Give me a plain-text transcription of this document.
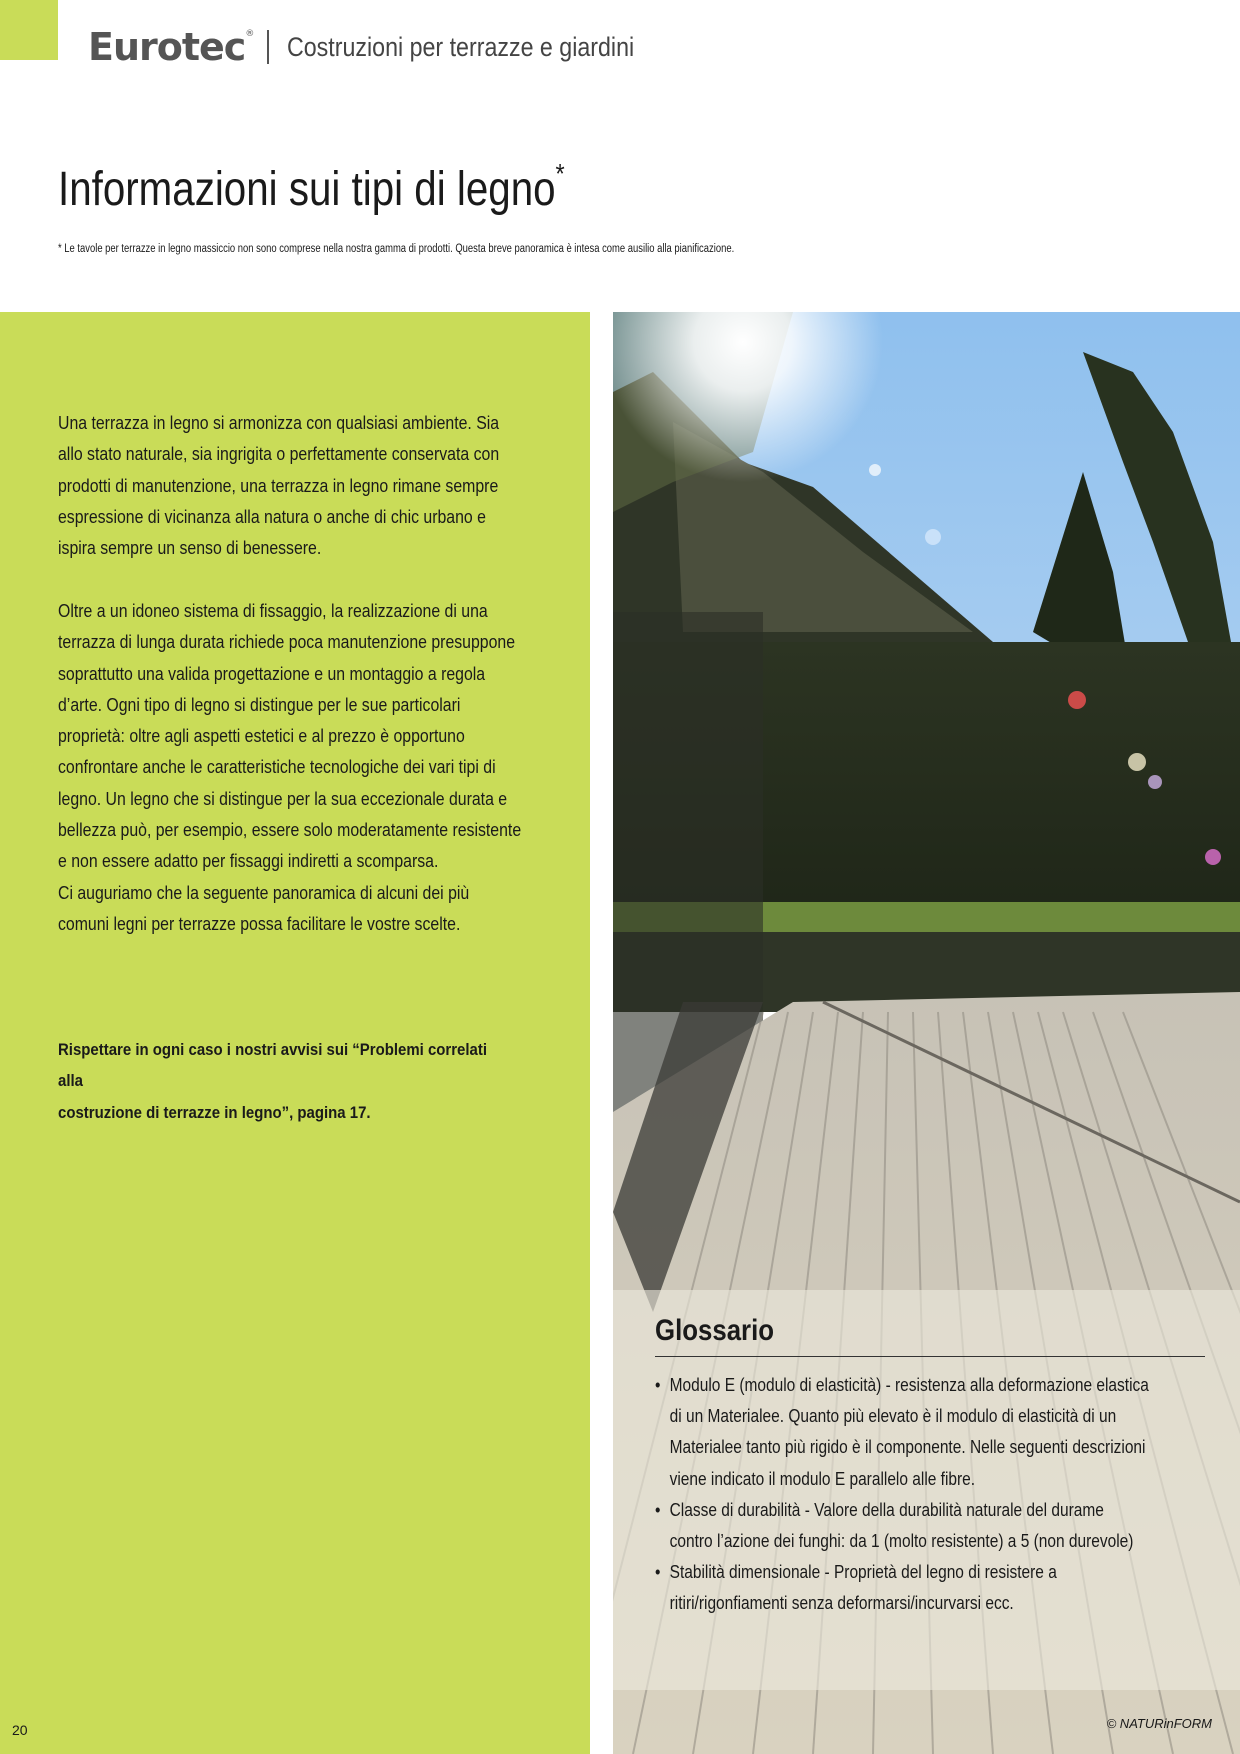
Eurotec ® Costruzioni per terrazze e giardini
Informazioni sui tipi di legno*

* Le tavole per terrazze in legno massiccio non sono comprese nella nostra gamma di prodotti. Questa breve panoramica è intesa come ausilio alla pianificazione.

Una terrazza in legno si armonizza con qualsiasi ambiente. Sia
allo stato naturale, sia ingrigita o perfettamente conservata con
prodotti di manutenzione, una terrazza in legno rimane sempre
espressione di vicinanza alla natura o anche di chic urbano e
ispira sempre un senso di benessere.
Oltre a un idoneo sistema di fissaggio, la realizzazione di una
terrazza di lunga durata richiede poca manutenzione presuppone
soprattutto una valida progettazione e un montaggio a regola
d’arte. Ogni tipo di legno si distingue per le sue particolari
proprietà: oltre agli aspetti estetici e al prezzo è opportuno
confrontare anche le caratteristiche tecnologiche dei vari tipi di
legno. Un legno che si distingue per la sua eccezionale durata e
bellezza può, per esempio, essere solo moderatamente resistente
e non essere adatto per fissaggi indiretti a scomparsa.
Ci auguriamo che la seguente panoramica di alcuni dei più
comuni legni per terrazze possa facilitare le vostre scelte.
Rispettare in ogni caso i nostri avvisi sui “Problemi correlati alla
costruzione di terrazze in legno”, pagina 17.
20
Glossario
• Modulo E (modulo di elasticità) - resistenza alla deformazione elastica
di un Materialee. Quanto più elevato è il modulo di elasticità di un
Materialee tanto più rigido è il componente. Nelle seguenti descrizioni
viene indicato il modulo E parallelo alle fibre.
• Classe di durabilità - Valore della durabilità naturale del durame
contro l’azione dei funghi: da 1 (molto resistente) a 5 (non durevole)
• Stabilità dimensionale - Proprietà del legno di resistere a
ritiri/rigonfiamenti senza deformarsi/incurvarsi ecc.
© NATURinFORM
